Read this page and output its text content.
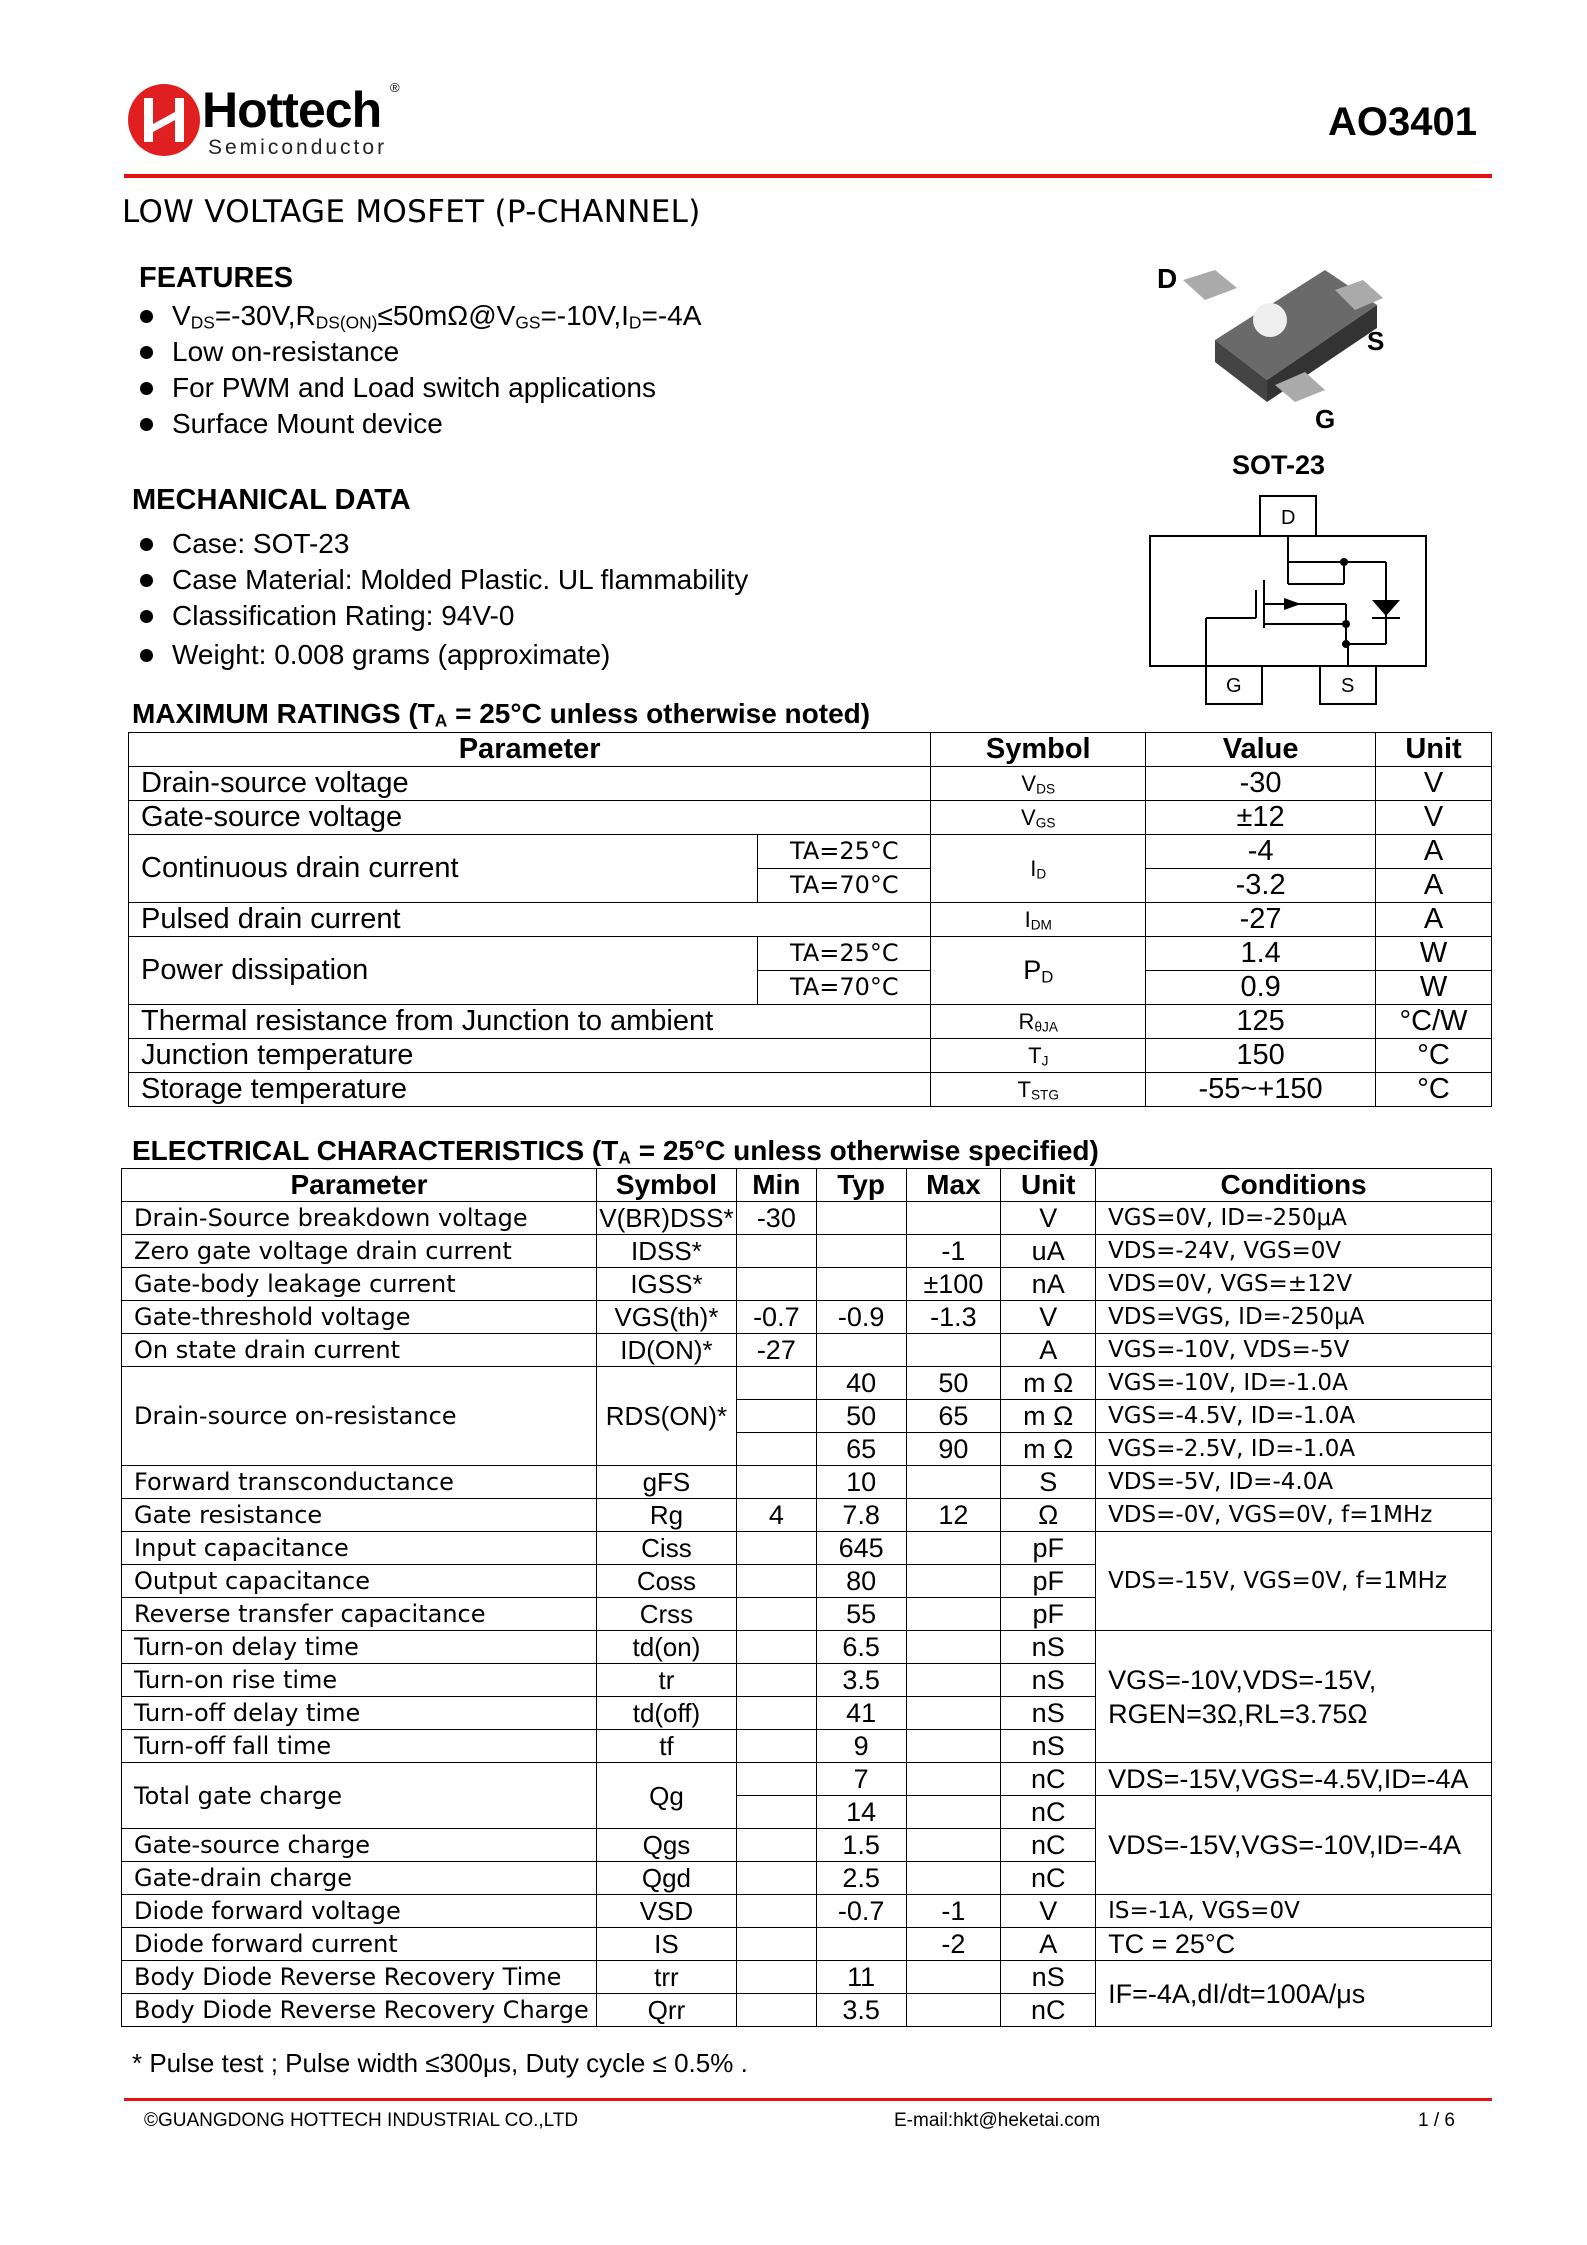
Hottech ®
Semiconductor
AO3401
LOW VOLTAGE MOSFET (P-CHANNEL)
FEATURES
$V_{DS}=-30V,R_{DS(ON)}\le 50m\Omega@V_{GS}=-10V,I_D=-4A$
Low on-resistance
For PWM and Load switch applications
Surface Mount device
D
S
G
SOT-23
D
G	S
MECHANICAL DATA
Case: SOT-23
Case Material: Molded Plastic. UL flammability
Classification Rating: 94V-0
Weight: 0.008 grams (approximate)
MAXIMUM RATINGS ($T_A = 25^\circ C$ unless otherwise noted)
Parameter		Symbol	Value	Unit
Drain-source voltage		$V_{DS}$	-30	V
Gate-source voltage		$V_{GS}$	±12	V
Continuous drain current	TA=25°C	$I_D$	-4	A
	TA=70°C		-3.2	A
Pulsed drain current		$I_{DM}$	-27	A
Power dissipation	TA=25°C	$P_D$	1.4	W
	TA=70°C		0.9	W
Thermal resistance from Junction to ambient		$R_{\theta JA}$	125	°C/W
Junction temperature		$T_J$	150	°C
Storage temperature		$T_{STG}$	-55~+150	°C
ELECTRICAL CHARACTERISTICS ($T_A = 25^\circ C$ unless otherwise specified)
Parameter	Symbol	Min	Typ	Max	Unit	Conditions
Drain-Source breakdown voltage	V(BR)DSS*	-30			V	VGS=0V, ID=-250μA
Zero gate voltage drain current	IDSS*			-1	uA	VDS=-24V, VGS=0V
Gate-body leakage current	IGSS*			±100	nA	VDS=0V, VGS=±12V
Gate-threshold voltage	VGS(th)*	-0.7	-0.9	-1.3	V	VDS=VGS, ID=-250μA
On state drain current	ID(ON)*	-27			A	VGS=-10V, VDS=-5V
Drain-source on-resistance	RDS(ON)*		40	50	m Ω	VGS=-10V, ID=-1.0A
			50	65	m Ω	VGS=-4.5V, ID=-1.0A
			65	90	m Ω	VGS=-2.5V, ID=-1.0A
Forward transconductance	gFS		10		S	VDS=-5V, ID=-4.0A
Gate resistance	Rg	4	7.8	12	Ω	VDS=-0V, VGS=0V, f=1MHz
Input capacitance	Ciss		645		pF	VDS=-15V, VGS=0V, f=1MHz
Output capacitance	Coss		80		pF	
Reverse transfer capacitance	Crss		55		pF	
Turn-on delay time	td(on)		6.5		nS	VGS=-10V,VDS=-15V,
RGEN=3Ω,RL=3.75Ω

Turn-on rise time	tr		3.5		nS	
Turn-off delay time	td(off)		41		nS	
Turn-off fall time	tf		9		nS	
Total gate charge	Qg		7		nC	VDS=-15V,VGS=-4.5V,ID=-4A
			14		nC	VDS=-15V,VGS=-10V,ID=-4A
Gate-source charge	Qgs		1.5		nC	
Gate-drain charge	Qgd		2.5		nC	
Diode forward voltage	VSD		-0.7	-1	V	IS=-1A, VGS=0V
Diode forward current	IS			-2	A	TC = 25°C
Body Diode Reverse Recovery Time	trr		11		nS	IF=-4A,dI/dt=100A/μs
Body Diode Reverse Recovery Charge	Qrr		3.5		nC	
* Pulse test ; Pulse width ≤300μs, Duty cycle ≤ 0.5% .
©GUANGDONG HOTTECH INDUSTRIAL CO.,LTD	E-mail:hkt@heketai.com	1 / 6
